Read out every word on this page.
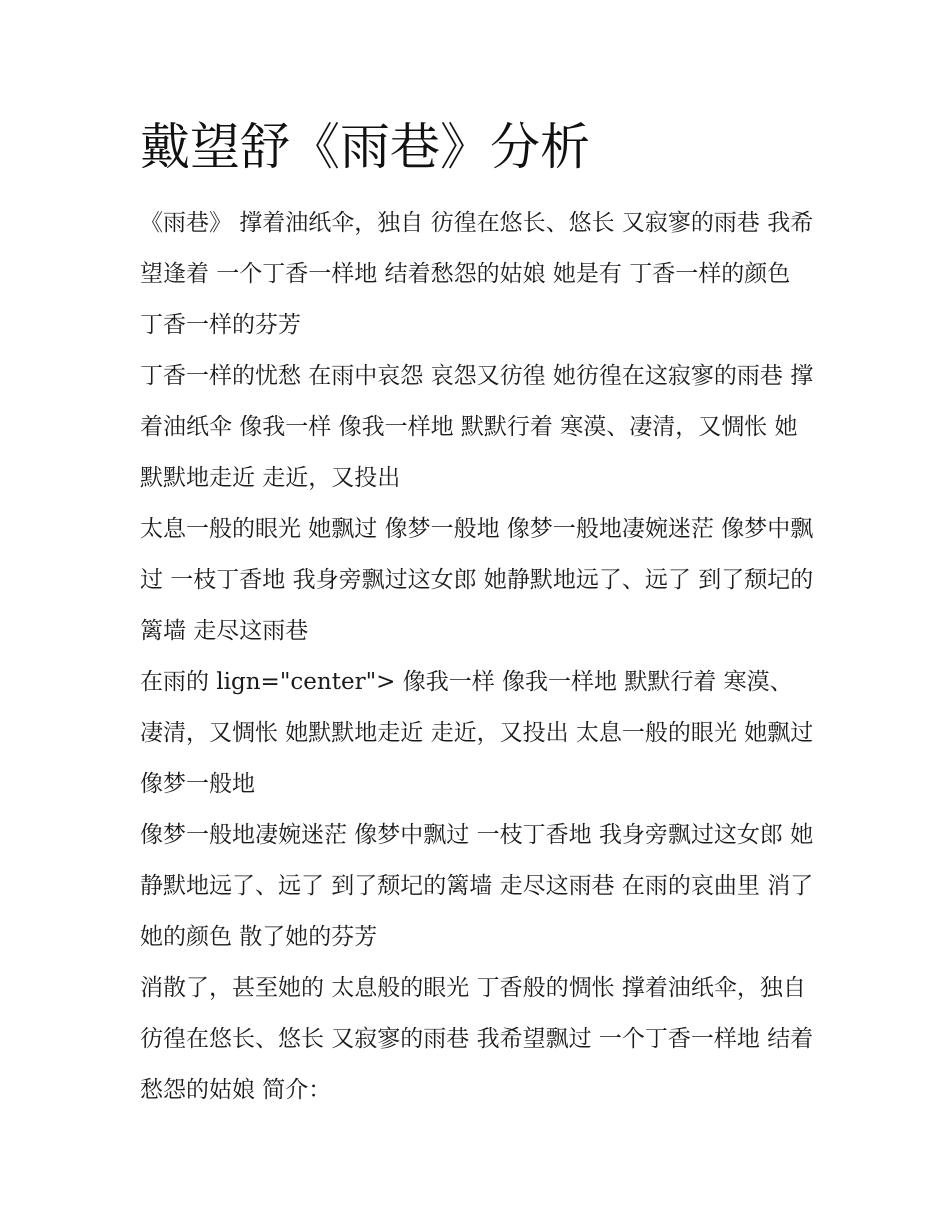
戴望舒《雨巷》分析

《雨巷》 撑着油纸伞，独自 彷徨在悠长、悠长 又寂寥的雨巷 我希望逢着 一个丁香一样地 结着愁怨的姑娘 她是有 丁香一样的颜色 丁香一样的芬芳

丁香一样的忧愁 在雨中哀怨 哀怨又彷徨 她彷徨在这寂寥的雨巷 撑着油纸伞 像我一样 像我一样地 默默行着 寒漠、凄清，又惆怅 她默默地走近 走近，又投出

太息一般的眼光 她飘过 像梦一般地 像梦一般地凄婉迷茫 像梦中飘过 一枝丁香地 我身旁飘过这女郎 她静默地远了、远了 到了颓圮的篱墙 走尽这雨巷

在雨的 lign="center"> 像我一样 像我一样地 默默行着 寒漠、凄清，又惆怅 她默默地走近 走近，又投出 太息一般的眼光 她飘过 像梦一般地

像梦一般地凄婉迷茫 像梦中飘过 一枝丁香地 我身旁飘过这女郎 她静默地远了、远了 到了颓圮的篱墙 走尽这雨巷 在雨的哀曲里 消了她的颜色 散了她的芬芳

消散了，甚至她的 太息般的眼光 丁香般的惆怅 撑着油纸伞，独自 彷徨在悠长、悠长 又寂寥的雨巷 我希望飘过 一个丁香一样地 结着愁怨的姑娘 简介：
